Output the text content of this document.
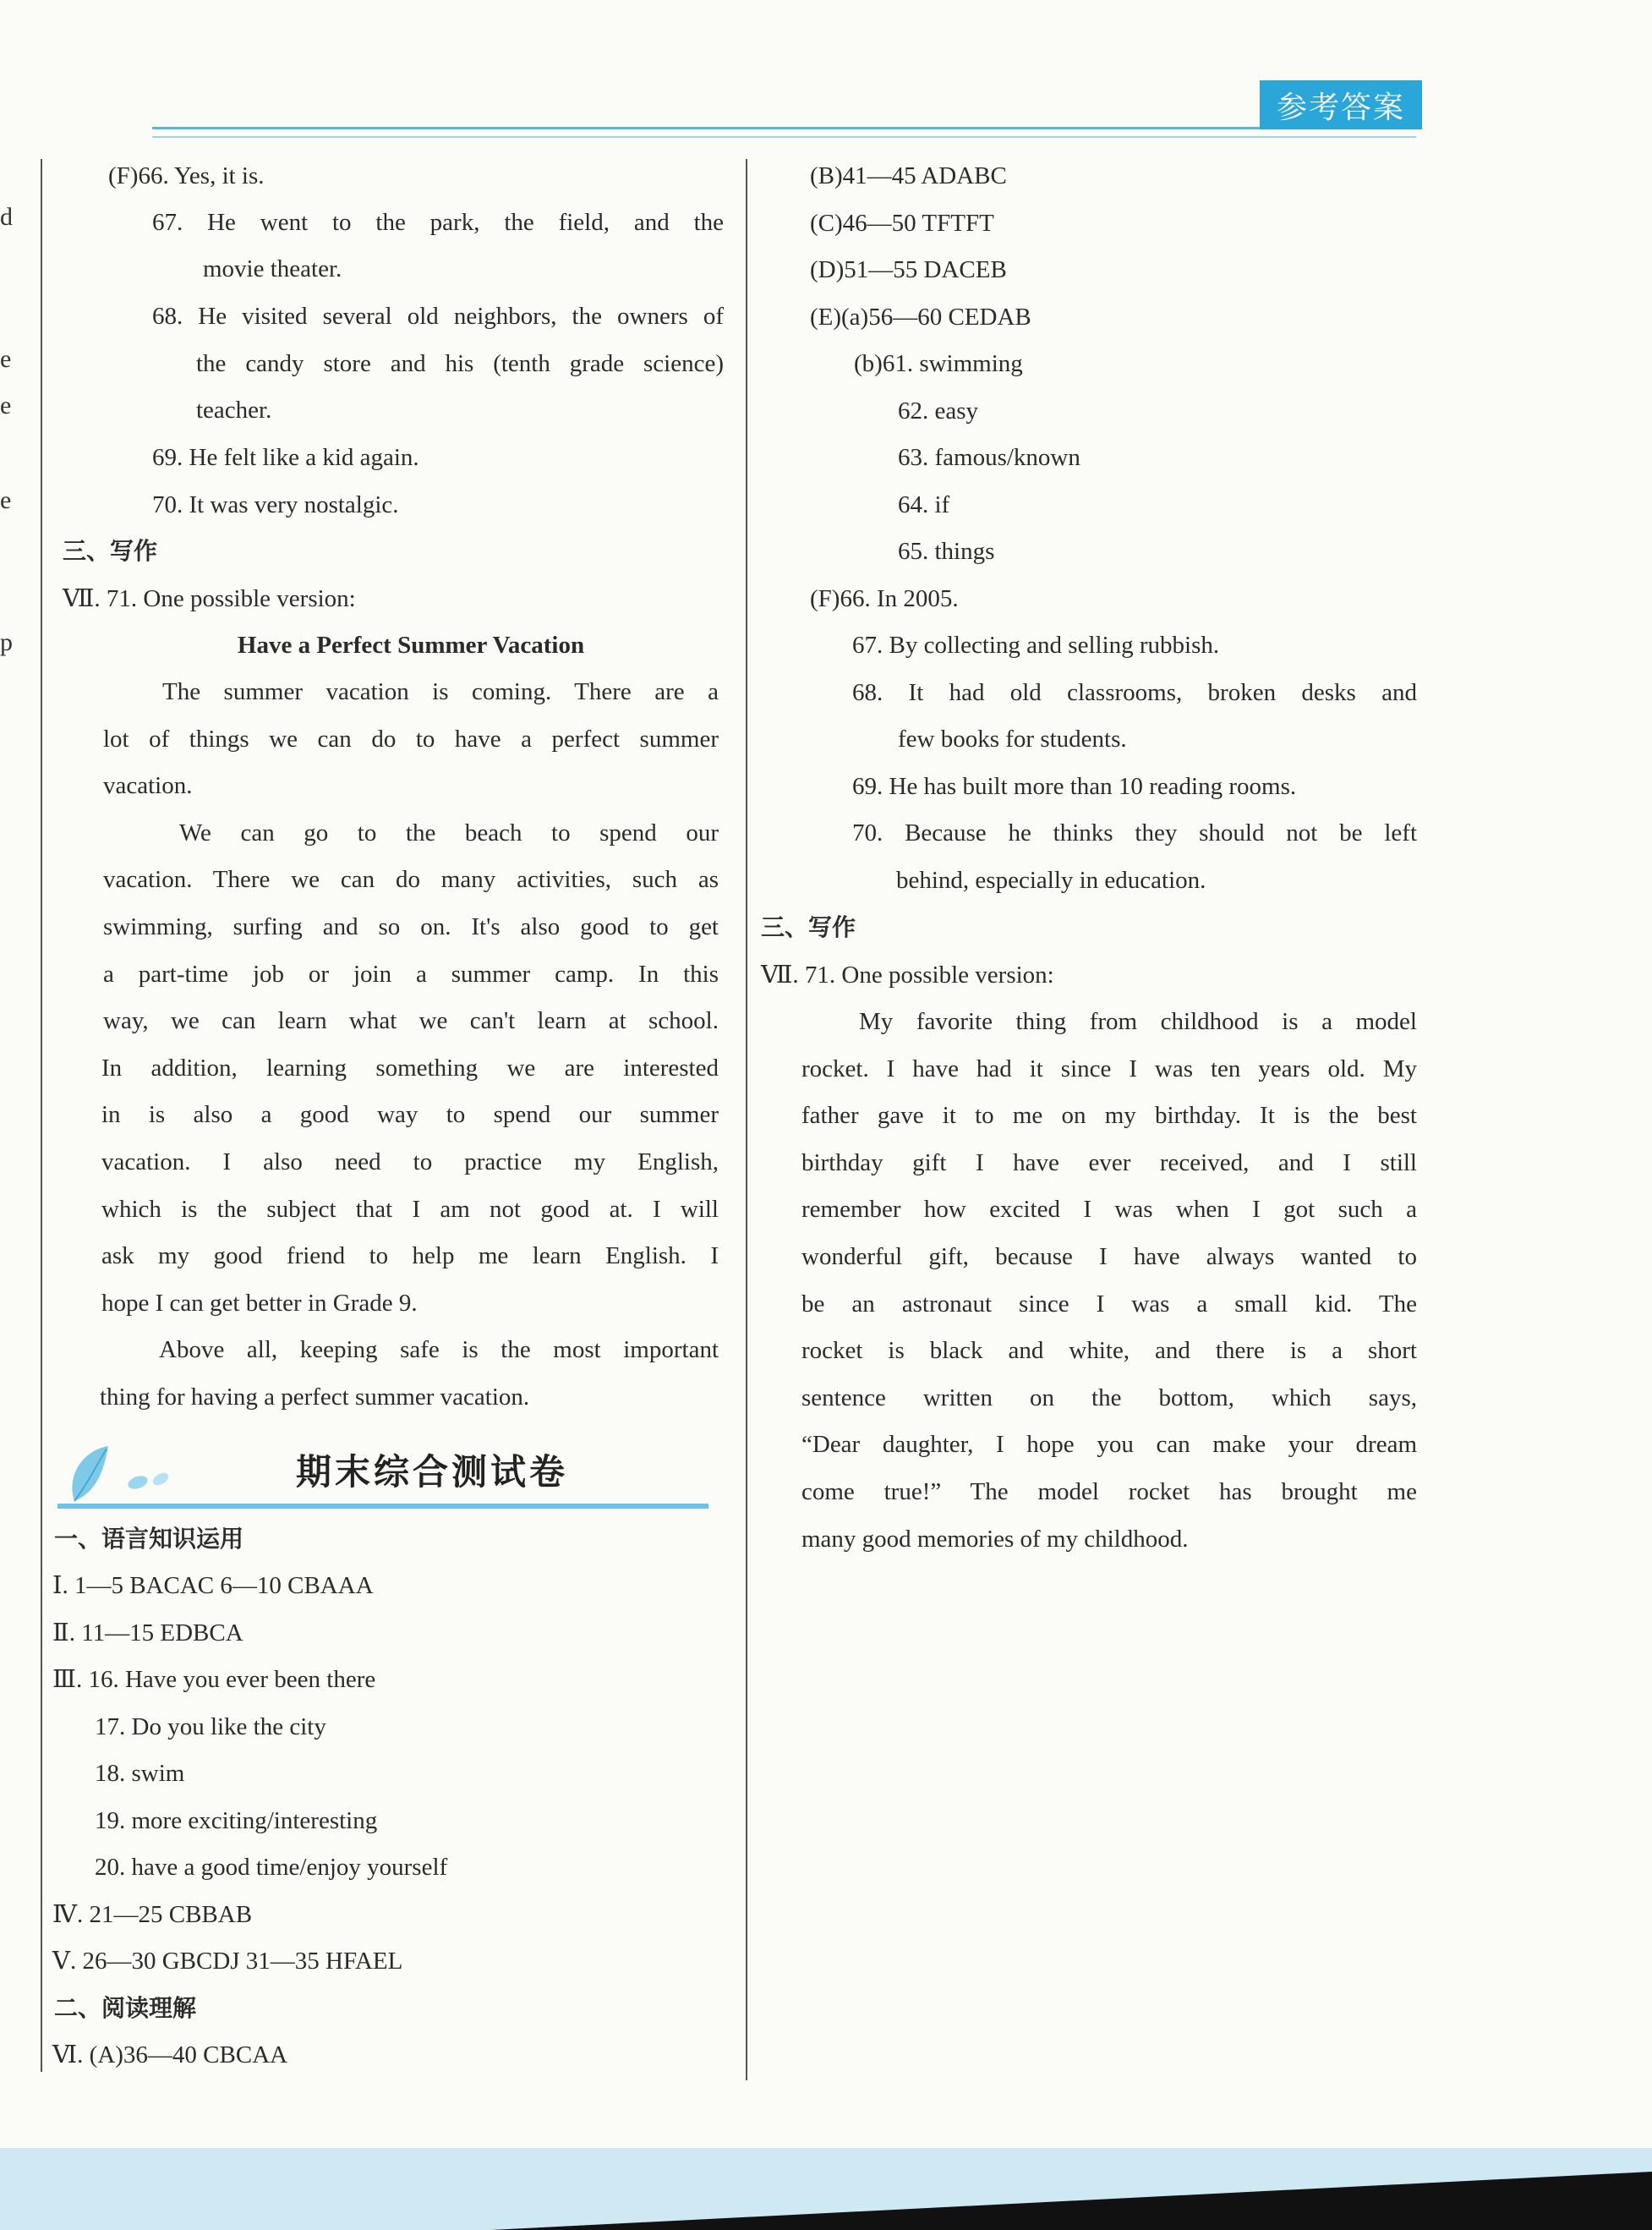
参考答案
d
e
e
e
p
(F)66. Yes, it is.
67. He went to the park, the field, and the
movie theater.
68. He visited several old neighbors, the owners of
the candy store and his (tenth grade science)
teacher.
69. He felt like a kid again.
70. It was very nostalgic.
三、写作
Ⅶ. 71. One possible version:
Have a Perfect Summer Vacation
The summer vacation is coming. There are a
lot of things we can do to have a perfect summer
vacation.
We can go to the beach to spend our
vacation. There we can do many activities, such as
swimming, surfing and so on. It's also good to get
a part-time job or join a summer camp. In this
way, we can learn what we can't learn at school.
In addition, learning something we are interested
in is also a good way to spend our summer
vacation. I also need to practice my English,
which is the subject that I am not good at. I will
ask my good friend to help me learn English. I
hope I can get better in Grade 9.
Above all, keeping safe is the most important
thing for having a perfect summer vacation.
一、语言知识运用
Ⅰ. 1—5 BACAC 6—10 CBAAA
Ⅱ. 11—15 EDBCA
Ⅲ. 16. Have you ever been there
17. Do you like the city
18. swim
19. more exciting/interesting
20. have a good time/enjoy yourself
Ⅳ. 21—25 CBBAB
Ⅴ. 26—30 GBCDJ 31—35 HFAEL
二、阅读理解
Ⅵ. (A)36—40 CBCAA
期末综合测试卷
(B)41—45 ADABC
(C)46—50 TFTFT
(D)51—55 DACEB
(E)(a)56—60 CEDAB
(b)61. swimming
62. easy
63. famous/known
64. if
65. things
(F)66. In 2005.
67. By collecting and selling rubbish.
68. It had old classrooms, broken desks and
few books for students.
69. He has built more than 10 reading rooms.
70. Because he thinks they should not be left
behind, especially in education.
三、写作
Ⅶ. 71. One possible version:
My favorite thing from childhood is a model
rocket. I have had it since I was ten years old. My
father gave it to me on my birthday. It is the best
birthday gift I have ever received, and I still
remember how excited I was when I got such a
wonderful gift, because I have always wanted to
be an astronaut since I was a small kid. The
rocket is black and white, and there is a short
sentence written on the bottom, which says,
“Dear daughter, I hope you can make your dream
come true!” The model rocket has brought me
many good memories of my childhood.
